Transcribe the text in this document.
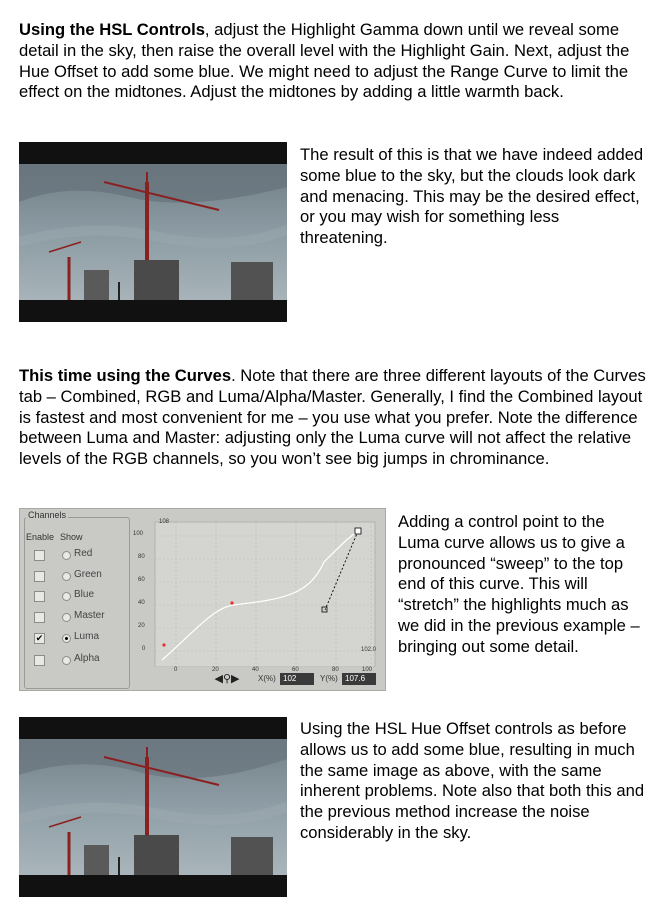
Using the HSL Controls, adjust the Highlight Gamma down until we reveal some detail in the sky, then raise the overall level with the Highlight Gain. Next, adjust the Hue Offset to add some blue. We might need to adjust the Range Curve to limit the effect on the midtones. Adjust the midtones by adding a little warmth back.

The result of this is that we have indeed added some blue to the sky, but the clouds look dark and menacing. This may be the desired effect, or you may wish for something less threatening.

This time using the Curves. Note that there are three different layouts of the Curves tab – Combined, RGB and Luma/Alpha/Master. Generally, I find the Combined layout is fastest and most convenient for me – you use what you prefer. Note the difference between Luma and Master: adjusting only the Luma curve will not affect the relative levels of the RGB channels, so you won’t see big jumps in chrominance.

Channels
Enable Show
Red
Green
Blue
Master
✔	Luma
Alpha
108
102.0
100
80
60
40
20
0
0	20	40	60	80	100
◀⚲▶	X(%) 102	Y(%) 107.6

Adding a control point to the Luma curve allows us to give a pronounced “sweep” to the top end of this curve. This will “stretch” the highlights much as we did in the previous example – bringing out some detail.

Using the HSL Hue Offset controls as before allows us to add some blue, resulting in much the same image as above, with the same inherent problems. Note also that both this and the previous method increase the noise considerably in the sky.
